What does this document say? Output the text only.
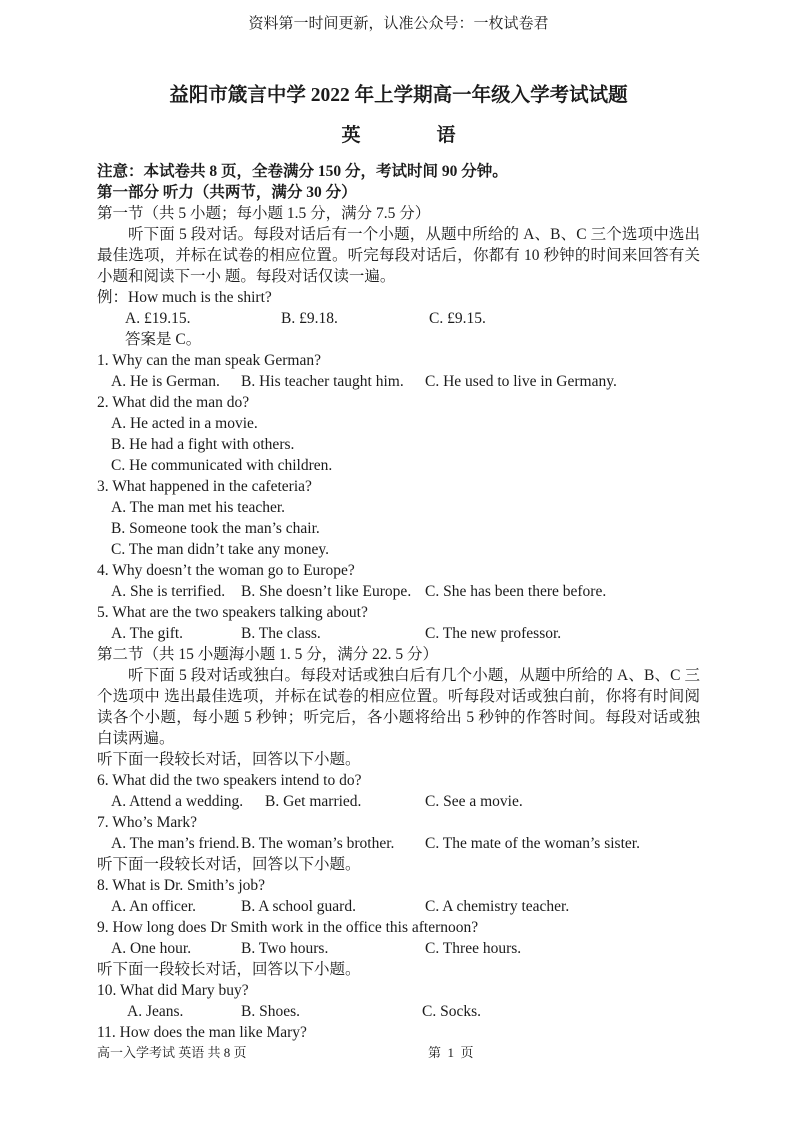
资料第一时间更新，认准公众号：一枚试卷君
益阳市箴言中学 2022 年上学期高一年级入学考试试题
英　　　　语

注意：本试卷共 8 页，全卷满分 150 分，考试时间 90 分钟。

第一部分 听力（共两节，满分 30 分）

第一节（共 5 小题；每小题 1.5 分，满分 7.5 分）

听下面 5 段对话。每段对话后有一个小题，从题中所给的 A、B、C 三个选项中选出最佳选项，并标在试卷的相应位置。听完每段对话后，你都有 10 秒钟的时间来回答有关小题和阅读下一小 题。每段对话仅读一遍。

例：How much is the shirt?

A. £19.15.	B. £9.18.	C. £9.15.

答案是 C。

1. Why can the man speak German?

A. He is German.	B. His teacher taught him.	C. He used to live in Germany.

2. What did the man do?

A. He acted in a movie.

B. He had a fight with others.

C. He communicated with children.

3. What happened in the cafeteria?

A. The man met his teacher.

B. Someone took the man’s chair.

C. The man didn’t take any money.

4. Why doesn’t the woman go to Europe?

A. She is terrified.	B. She doesn’t like Europe. C. She has been there before.

5. What are the two speakers talking about?

A. The gift.	B. The class.	C. The new professor.

第二节（共 15 小题海小题 1. 5 分，满分 22. 5 分）

听下面 5 段对话或独白。每段对话或独白后有几个小题，从题中所给的 A、B、C 三个选项中 选出最佳选项，并标在试卷的相应位置。听每段对话或独白前，你将有时间阅读各个小题，每小题 5 秒钟；听完后，各小题将给出 5 秒钟的作答时间。每段对话或独白读两遍。

听下面一段较长对话，回答以下小题。

6. What did the two speakers intend to do?

A. Attend a wedding.	B. Get married.	C. See a movie.

7. Who’s Mark?

A. The man’s friend. B. The woman’s brother.	C. The mate of the woman’s sister.

听下面一段较长对话，回答以下小题。

8. What is Dr. Smith’s job?

A. An officer.	B. A school guard.	C. A chemistry teacher.

9. How long does Dr Smith work in the office this afternoon?

A. One hour.	B. Two hours.	C. Three hours.

听下面一段较长对话，回答以下小题。

10. What did Mary buy?

A. Jeans.	B. Shoes.	C. Socks.

11. How does the man like Mary?

高一入学考试 英语 共 8 页	第  1  页
